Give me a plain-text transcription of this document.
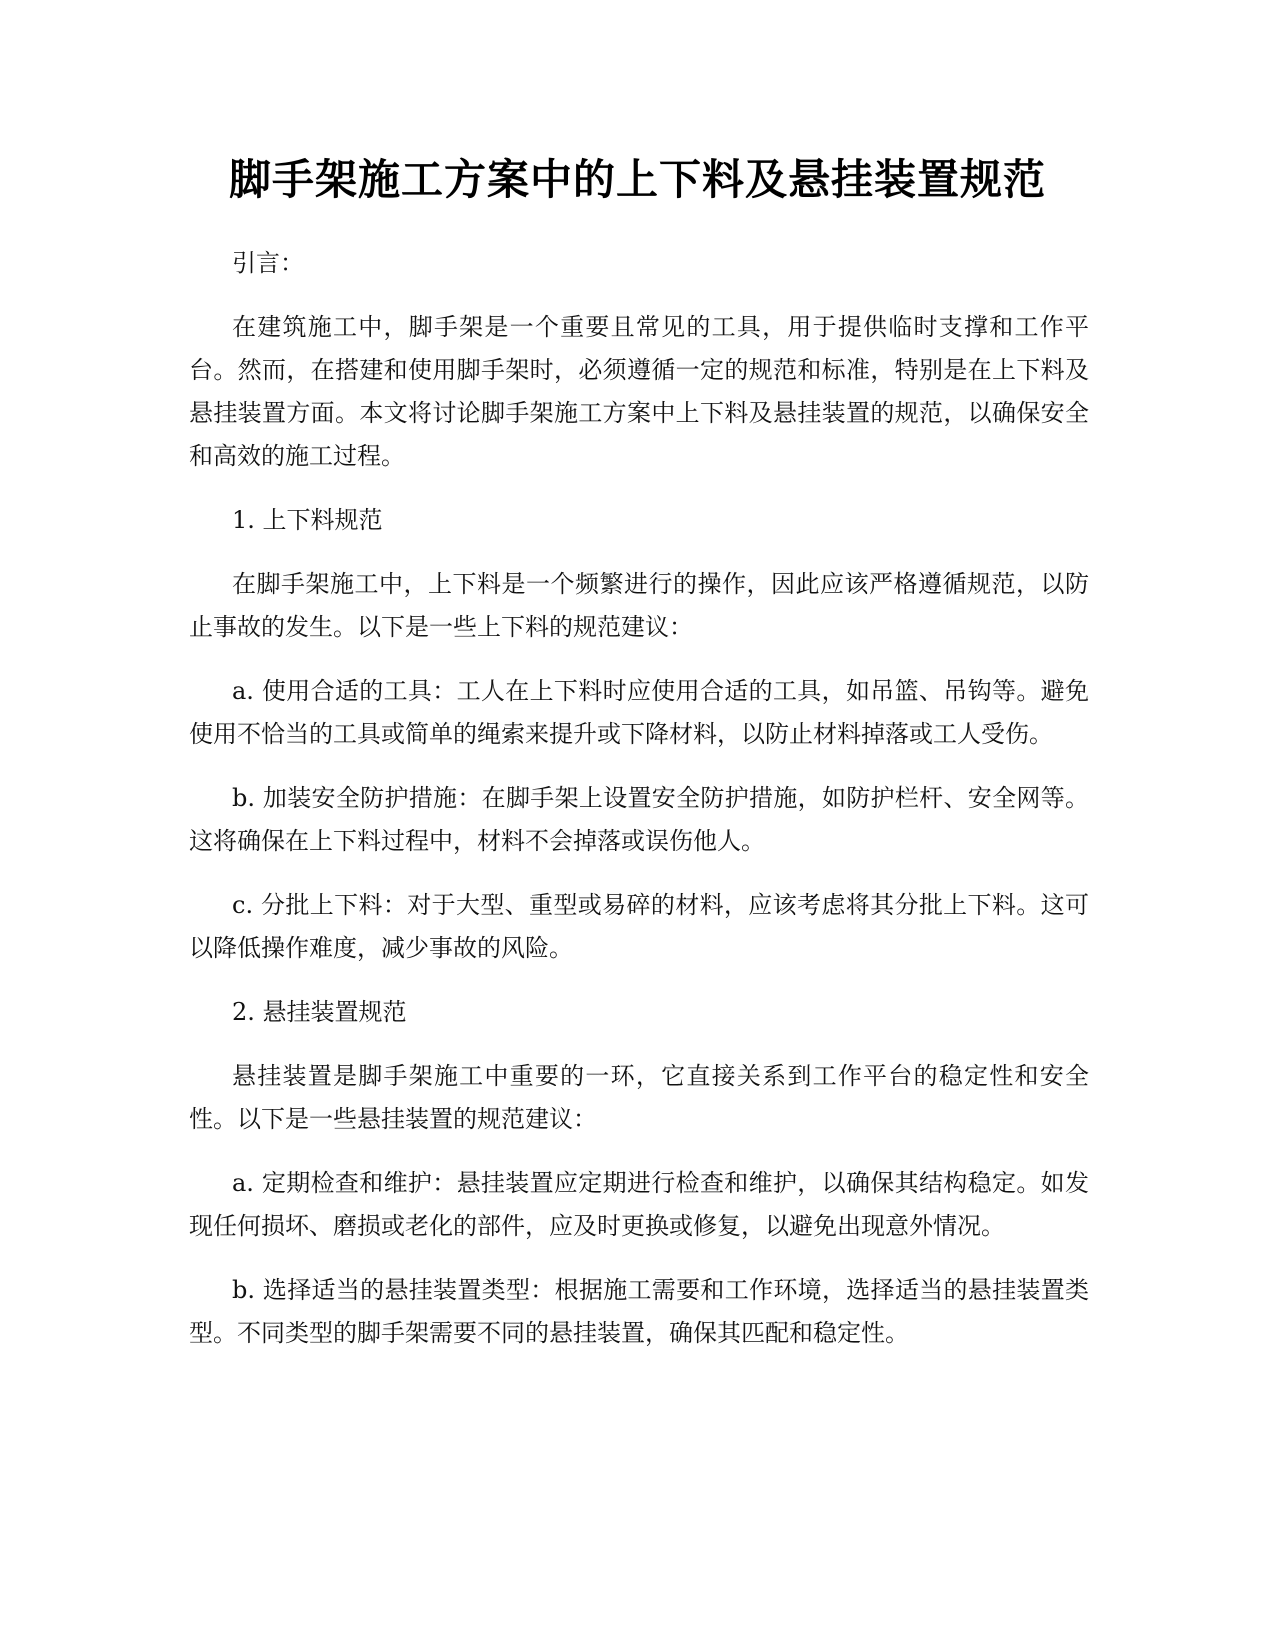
脚手架施工方案中的上下料及悬挂装置规范

引言：

在建筑施工中，脚手架是一个重要且常见的工具，用于提供临时支撑和工作平台。然而，在搭建和使用脚手架时，必须遵循一定的规范和标准，特别是在上下料及悬挂装置方面。本文将讨论脚手架施工方案中上下料及悬挂装置的规范，以确保安全和高效的施工过程。

1. 上下料规范

在脚手架施工中，上下料是一个频繁进行的操作，因此应该严格遵循规范，以防止事故的发生。以下是一些上下料的规范建议：

a. 使用合适的工具：工人在上下料时应使用合适的工具，如吊篮、吊钩等。避免使用不恰当的工具或简单的绳索来提升或下降材料，以防止材料掉落或工人受伤。

b. 加装安全防护措施：在脚手架上设置安全防护措施，如防护栏杆、安全网等。这将确保在上下料过程中，材料不会掉落或误伤他人。

c. 分批上下料：对于大型、重型或易碎的材料，应该考虑将其分批上下料。这可以降低操作难度，减少事故的风险。

2. 悬挂装置规范

悬挂装置是脚手架施工中重要的一环，它直接关系到工作平台的稳定性和安全性。以下是一些悬挂装置的规范建议：

a. 定期检查和维护：悬挂装置应定期进行检查和维护，以确保其结构稳定。如发现任何损坏、磨损或老化的部件，应及时更换或修复，以避免出现意外情况。

b. 选择适当的悬挂装置类型：根据施工需要和工作环境，选择适当的悬挂装置类型。不同类型的脚手架需要不同的悬挂装置，确保其匹配和稳定性。
